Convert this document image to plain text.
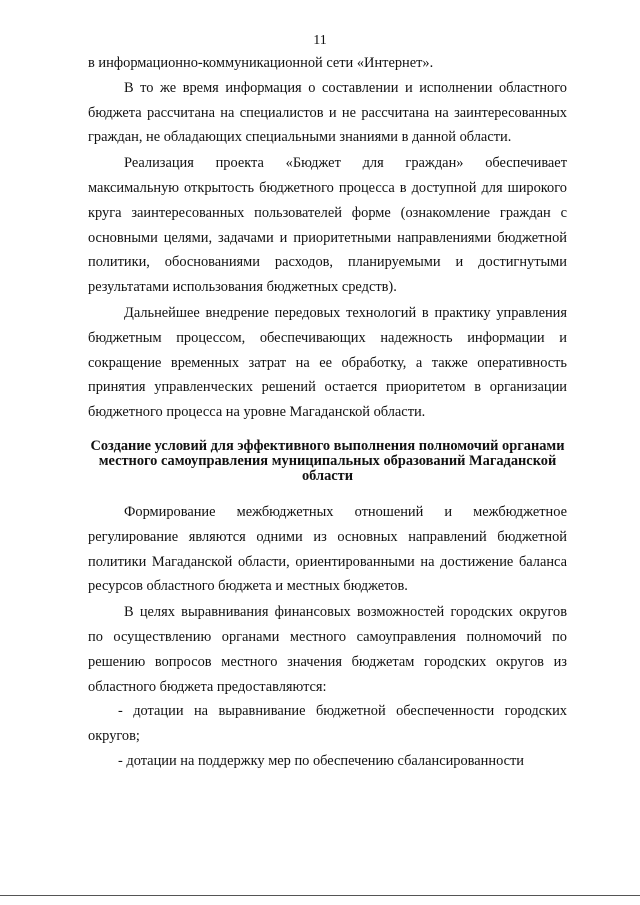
11

в информационно-коммуникационной сети «Интернет».

В то же время информация о составлении и исполнении областного бюджета рассчитана на специалистов и не рассчитана на заинтересованных граждан, не обладающих специальными знаниями в данной области.

Реализация проекта «Бюджет для граждан» обеспечивает максимальную открытость бюджетного процесса в доступной для широкого круга заинтересованных пользователей форме (ознакомление граждан с основными целями, задачами и приоритетными направлениями бюджетной политики, обоснованиями расходов, планируемыми и достигнутыми результатами использования бюджетных средств).

Дальнейшее внедрение передовых технологий в практику управления бюджетным процессом, обеспечивающих надежность информации и сокращение временных затрат на ее обработку, а также оперативность принятия управленческих решений остается приоритетом в организации бюджетного процесса на уровне Магаданской области.

Создание условий для эффективного выполнения полномочий органами местного самоуправления муниципальных образований Магаданской области

Формирование межбюджетных отношений и межбюджетное регулирование являются одними из основных направлений бюджетной политики Магаданской области, ориентированными на достижение баланса ресурсов областного бюджета и местных бюджетов.

В целях выравнивания финансовых возможностей городских округов по осуществлению органами местного самоуправления полномочий по решению вопросов местного значения бюджетам городских округов из областного бюджета предоставляются:

- дотации на выравнивание бюджетной обеспеченности городских округов;

- дотации на поддержку мер по обеспечению сбалансированности
